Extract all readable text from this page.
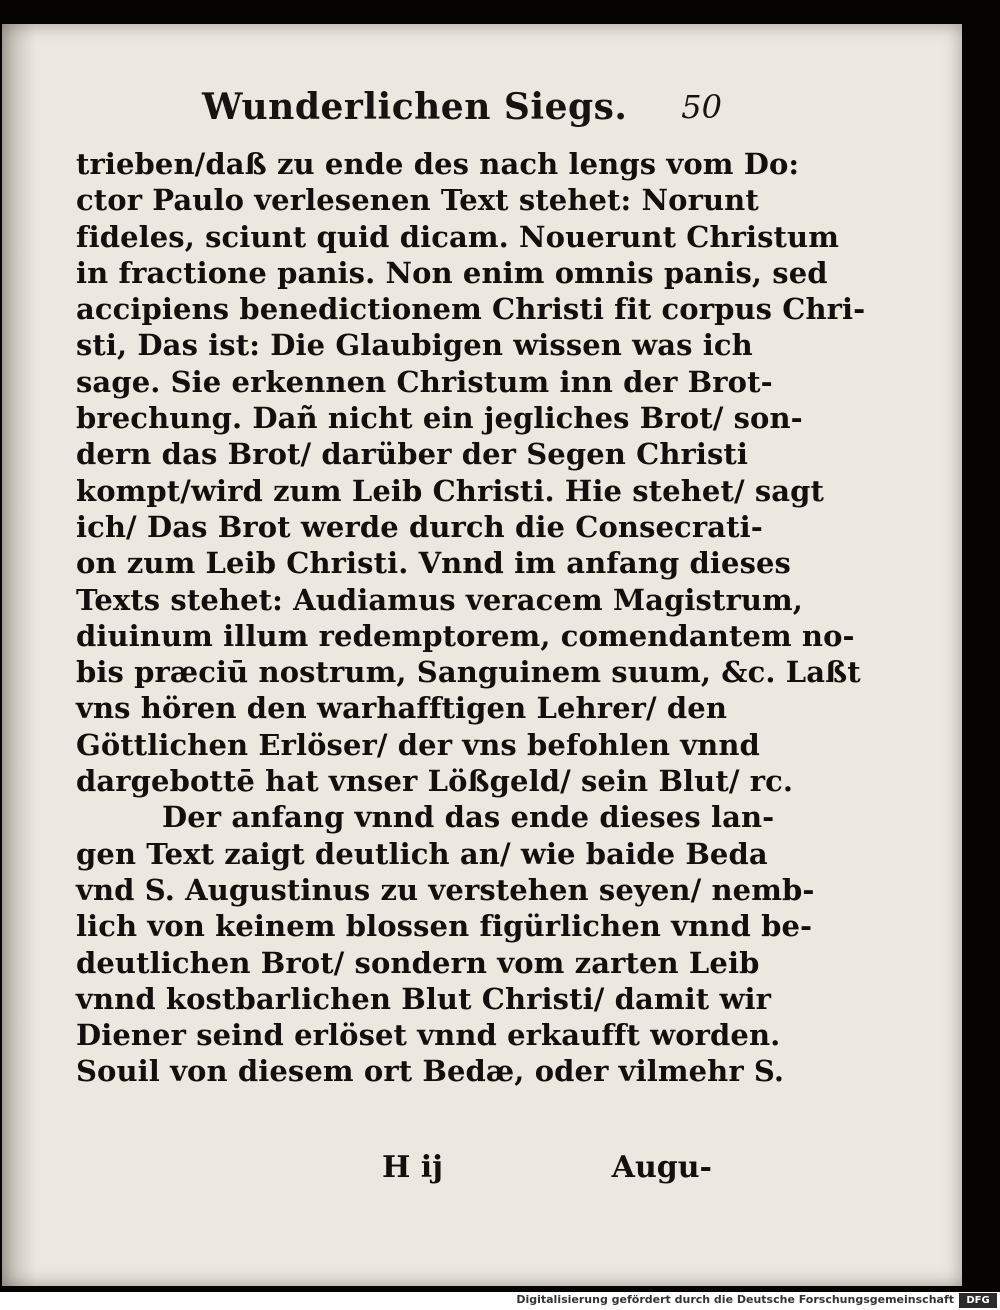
Wunderlichen Siegs. 50
trieben/daß zu ende des nach lengs vom Do:
ctor Paulo verlesenen Text stehet: Norunt
fideles, sciunt quid dicam. Nouerunt Christum
in fractione panis. Non enim omnis panis, sed
accipiens benedictionem Christi fit corpus Chri-
sti, Das ist: Die Glaubigen wissen was ich
sage. Sie erkennen Christum inn der Brot-
brechung. Dañ nicht ein jegliches Brot/ son-
dern das Brot/ darüber der Segen Christi
kompt/wird zum Leib Christi. Hie stehet/ sagt
ich/ Das Brot werde durch die Consecrati-
on zum Leib Christi. Vnnd im anfang dieses
Texts stehet: Audiamus veracem Magistrum,
diuinum illum redemptorem, comendantem no-
bis præciū nostrum, Sanguinem suum, &c. Laßt
vns hören den warhafftigen Lehrer/ den
Göttlichen Erlöser/ der vns befohlen vnnd
dargebottē hat vnser Lößgeld/ sein Blut/ rc.
Der anfang vnnd das ende dieses lan-
gen Text zaigt deutlich an/ wie baide Beda
vnd S. Augustinus zu verstehen seyen/ nemb-
lich von keinem blossen figürlichen vnnd be-
deutlichen Brot/ sondern vom zarten Leib
vnnd kostbarlichen Blut Christi/ damit wir
Diener seind erlöset vnnd erkaufft worden.
Souil von diesem ort Bedæ, oder vilmehr S.
H ij	Augu-
Digitalisierung gefördert durch die Deutsche Forschungsgemeinschaft	DFG
